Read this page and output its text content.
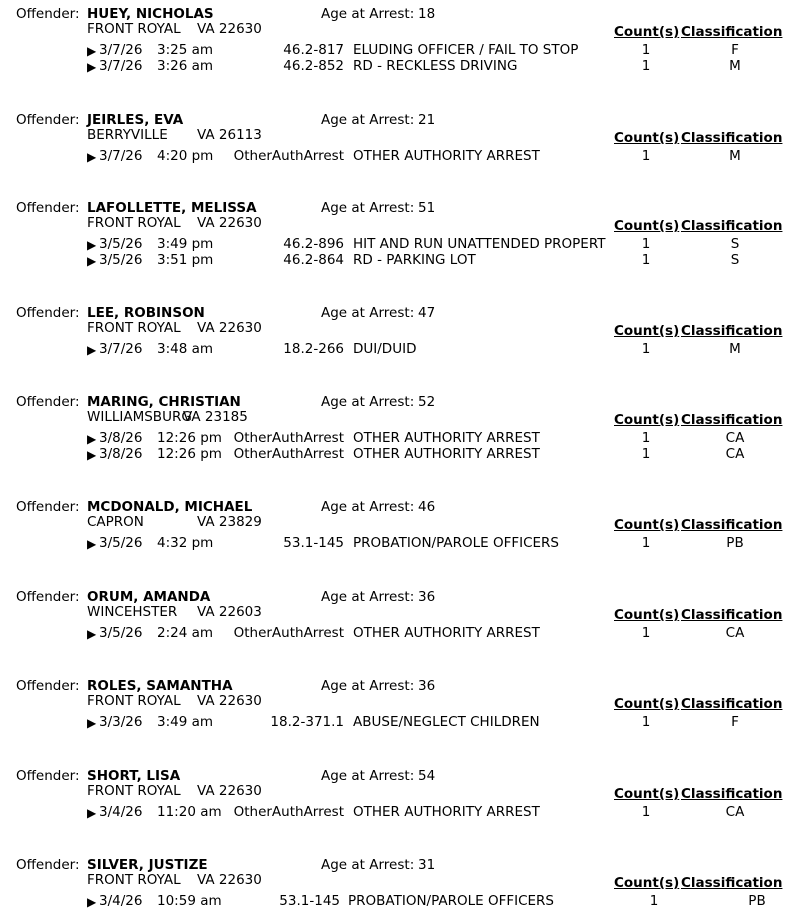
Offender: HUEY, NICHOLAS	Age at Arrest: 18
FRONT ROYAL VA 22630	Count(s) Classification
▶ 3/7/26 3:25 am	46.2-817 ELUDING OFFICER / FAIL TO STOP	1	F
▶ 3/7/26 3:26 am	46.2-852 RD - RECKLESS DRIVING	1	M
Offender: JEIRLES, EVA	Age at Arrest: 21
BERRYVILLE VA 26113	Count(s) Classification
▶ 3/7/26 4:20 pm OtherAuthArrest OTHER AUTHORITY ARREST	1	M
Offender: LAFOLLETTE, MELISSA	Age at Arrest: 51
FRONT ROYAL VA 22630	Count(s) Classification
▶ 3/5/26 3:49 pm	46.2-896 HIT AND RUN UNATTENDED PROPERT	1	S
▶ 3/5/26 3:51 pm	46.2-864 RD - PARKING LOT	1	S
Offender: LEE, ROBINSON	Age at Arrest: 47
FRONT ROYAL VA 22630	Count(s) Classification
▶ 3/7/26 3:48 am	18.2-266 DUI/DUID	1	M
Offender: MARING, CHRISTIAN	Age at Arrest: 52
WILLIAMSBURG
VA 23185	Count(s) Classification
▶ 3/8/26 12:26 pm OtherAuthArrest OTHER AUTHORITY ARREST	1	CA
▶ 3/8/26 12:26 pm OtherAuthArrest OTHER AUTHORITY ARREST	1	CA
Offender: MCDONALD, MICHAEL	Age at Arrest: 46
CAPRON	VA 23829	Count(s) Classification
▶ 3/5/26 4:32 pm	53.1-145 PROBATION/PAROLE OFFICERS	1	PB
Offender: ORUM, AMANDA	Age at Arrest: 36
WINCEHSTER VA 22603	Count(s) Classification
▶ 3/5/26 2:24 am OtherAuthArrest OTHER AUTHORITY ARREST	1	CA
Offender: ROLES, SAMANTHA	Age at Arrest: 36
FRONT ROYAL VA 22630	Count(s) Classification
▶ 3/3/26 3:49 am	18.2-371.1 ABUSE/NEGLECT CHILDREN	1	F
Offender: SHORT, LISA	Age at Arrest: 54
FRONT ROYAL VA 22630	Count(s) Classification
▶ 3/4/26 11:20 am OtherAuthArrest OTHER AUTHORITY ARREST	1	CA
Offender: SILVER, JUSTIZE	Age at Arrest: 31
FRONT ROYAL VA 22630	Count(s) Classification
▶ 3/4/26 10:59 am	53.1-145 PROBATION/PAROLE OFFICERS	1	PB
